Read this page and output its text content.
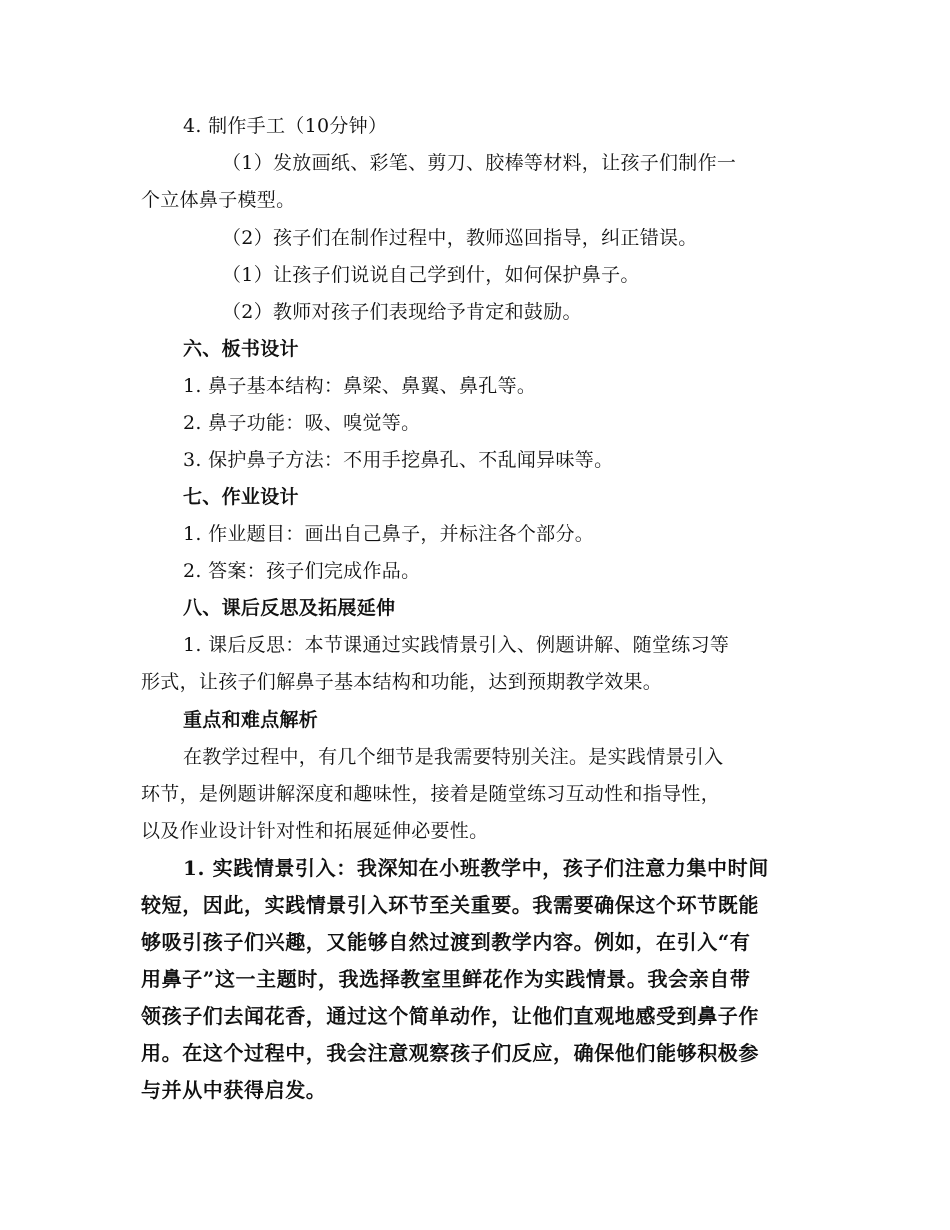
4. 制作手工（10分钟）
（1）发放画纸、彩笔、剪刀、胶棒等材料，让孩子们制作一
个立体鼻子模型。
（2）孩子们在制作过程中，教师巡回指导，纠正错误。
（1）让孩子们说说自己学到什，如何保护鼻子。
（2）教师对孩子们表现给予肯定和鼓励。
六、板书设计
1. 鼻子基本结构：鼻梁、鼻翼、鼻孔等。
2. 鼻子功能：吸、嗅觉等。
3. 保护鼻子方法：不用手挖鼻孔、不乱闻异味等。
七、作业设计
1. 作业题目：画出自己鼻子，并标注各个部分。
2. 答案：孩子们完成作品。
八、课后反思及拓展延伸
1. 课后反思：本节课通过实践情景引入、例题讲解、随堂练习等
形式，让孩子们解鼻子基本结构和功能，达到预期教学效果。
重点和难点解析
在教学过程中，有几个细节是我需要特别关注。是实践情景引入
环节，是例题讲解深度和趣味性，接着是随堂练习互动性和指导性，
以及作业设计针对性和拓展延伸必要性。
1. 实践情景引入：我深知在小班教学中，孩子们注意力集中时间
较短，因此，实践情景引入环节至关重要。我需要确保这个环节既能
够吸引孩子们兴趣，又能够自然过渡到教学内容。例如，在引入“有
用鼻子”这一主题时，我选择教室里鲜花作为实践情景。我会亲自带
领孩子们去闻花香，通过这个简单动作，让他们直观地感受到鼻子作
用。在这个过程中，我会注意观察孩子们反应，确保他们能够积极参
与并从中获得启发。
